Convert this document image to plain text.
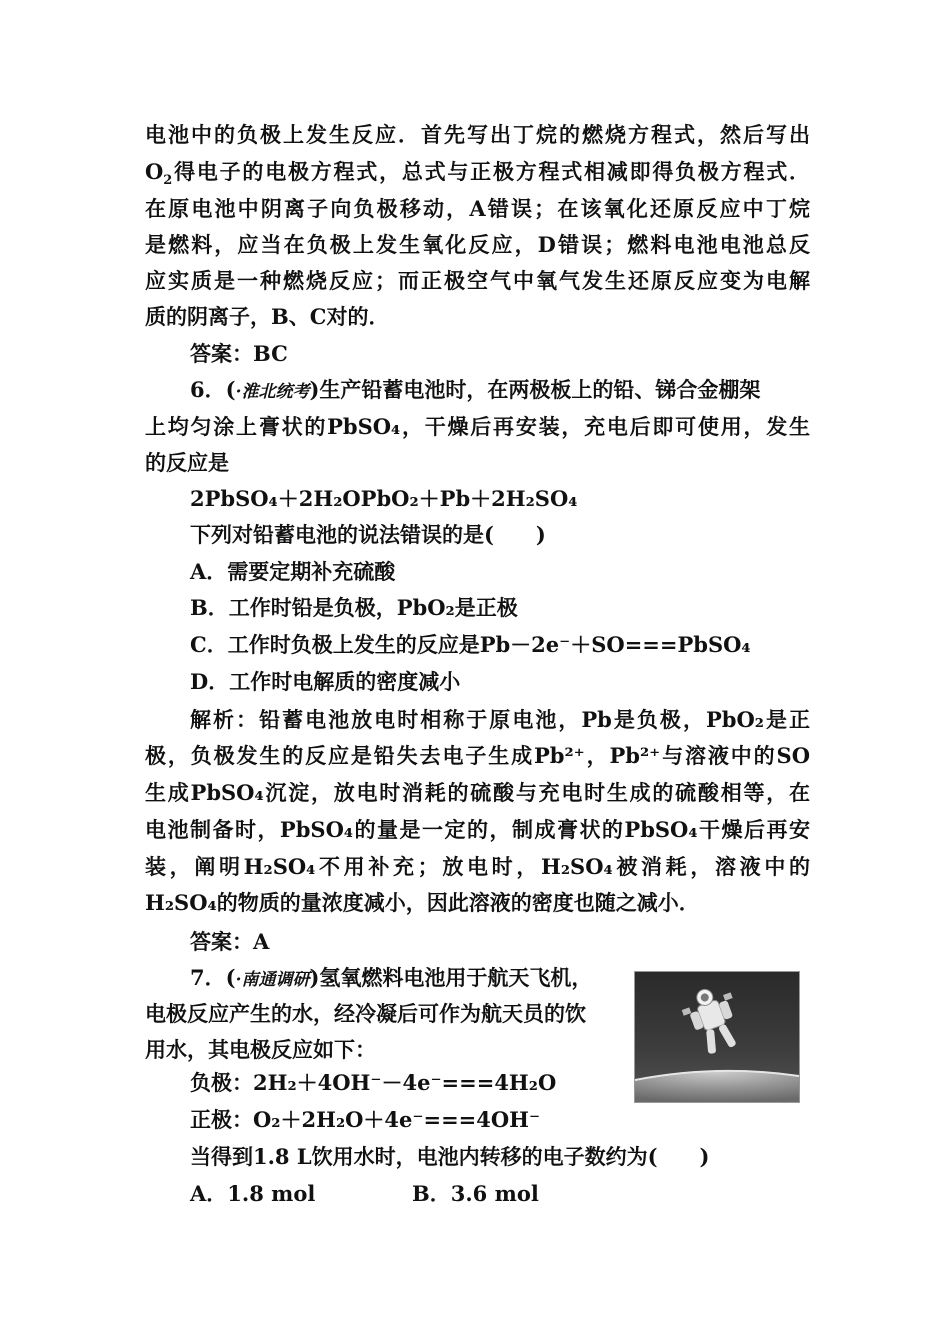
电池中的负极上发生反应．首先写出丁烷的燃烧方程式，然后写出
$O_2$得电子的电极方程式，总式与正极方程式相减即得负极方程式．
在原电池中阴离子向负极移动，A错误；在该氧化还原反应中丁烷
是燃料，应当在负极上发生氧化反应，D错误；燃料电池电池总反
应实质是一种燃烧反应；而正极空气中氧气发生还原反应变为电解
质的阴离子，B、C对的．
答案：BC
6．(·淮北统考)生产铅蓄电池时，在两极板上的铅、锑合金棚架
上均匀涂上膏状的PbSO₄，干燥后再安装，充电后即可使用，发生
的反应是
2PbSO₄＋2H₂OPbO₂＋Pb＋2H₂SO₄
下列对铅蓄电池的说法错误的是(　　)
A．需要定期补充硫酸
B．工作时铅是负极，PbO₂是正极
C．工作时负极上发生的反应是Pb－2e⁻＋SO===PbSO₄
D．工作时电解质的密度减小
解析：铅蓄电池放电时相称于原电池，Pb是负极，PbO₂是正
极，负极发生的反应是铅失去电子生成Pb²⁺，Pb²⁺与溶液中的SO
生成PbSO₄沉淀，放电时消耗的硫酸与充电时生成的硫酸相等，在
电池制备时，PbSO₄的量是一定的，制成膏状的PbSO₄干燥后再安
装，阐明H₂SO₄不用补充；放电时，H₂SO₄被消耗，溶液中的
H₂SO₄的物质的量浓度减小，因此溶液的密度也随之减小．
答案：A
7．(·南通调研)氢氧燃料电池用于航天飞机，
电极反应产生的水，经冷凝后可作为航天员的饮
用水，其电极反应如下：
负极：2H₂＋4OH⁻－4e⁻===4H₂O
正极：O₂＋2H₂O＋4e⁻===4OH⁻
当得到1.8 L饮用水时，电池内转移的电子数约为(　　)
A．1.8 mol	B．3.6 mol
